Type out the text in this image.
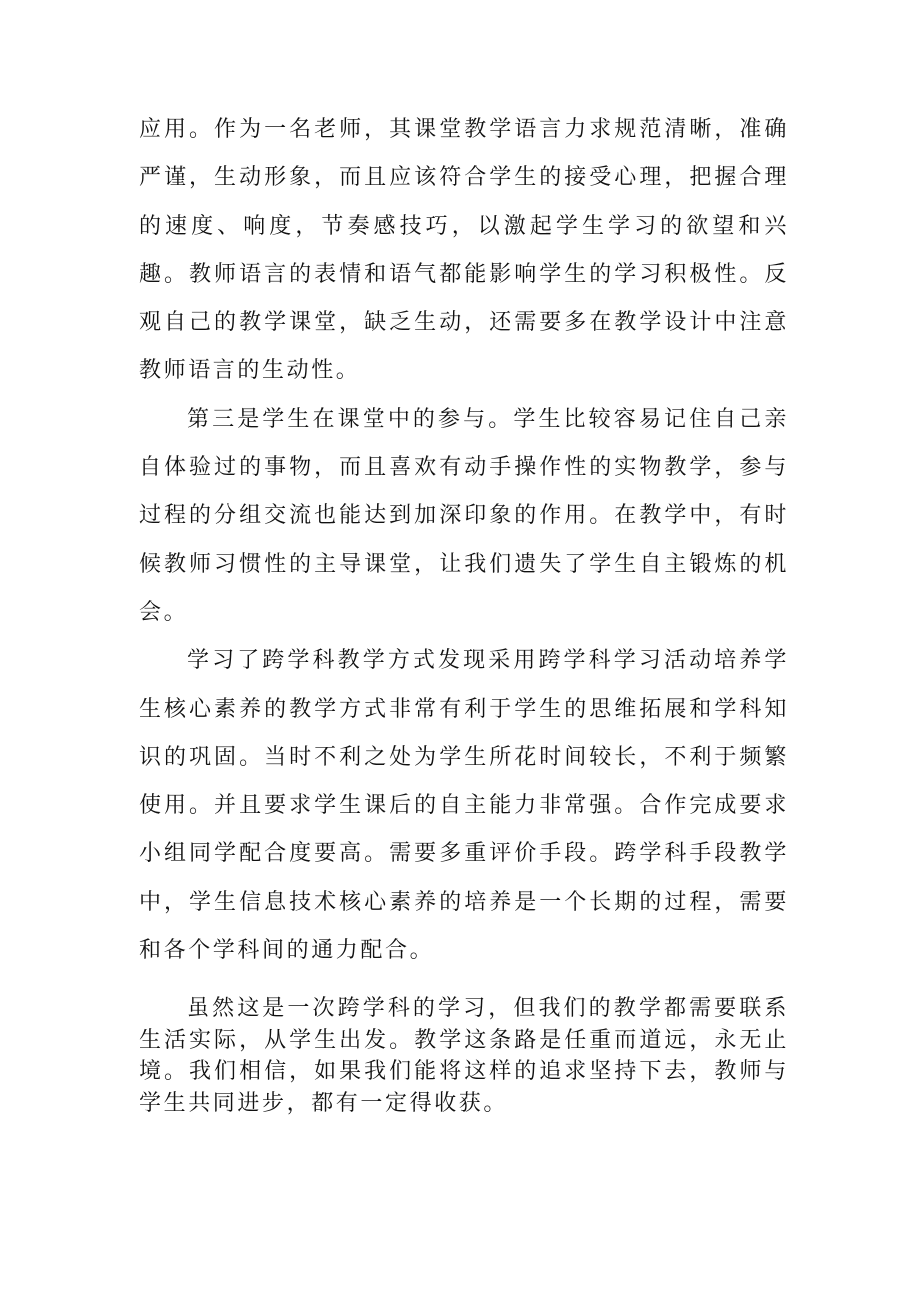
应用。作为一名老师，其课堂教学语言力求规范清晰，准确严谨，生动形象，而且应该符合学生的接受心理，把握合理的速度、响度，节奏感技巧，以激起学生学习的欲望和兴趣。教师语言的表情和语气都能影响学生的学习积极性。反观自己的教学课堂，缺乏生动，还需要多在教学设计中注意教师语言的生动性。

第三是学生在课堂中的参与。学生比较容易记住自己亲自体验过的事物，而且喜欢有动手操作性的实物教学，参与过程的分组交流也能达到加深印象的作用。在教学中，有时候教师习惯性的主导课堂，让我们遗失了学生自主锻炼的机会。

学习了跨学科教学方式发现采用跨学科学习活动培养学生核心素养的教学方式非常有利于学生的思维拓展和学科知识的巩固。当时不利之处为学生所花时间较长，不利于频繁使用。并且要求学生课后的自主能力非常强。合作完成要求小组同学配合度要高。需要多重评价手段。跨学科手段教学中，学生信息技术核心素养的培养是一个长期的过程，需要和各个学科间的通力配合。

虽然这是一次跨学科的学习，但我们的教学都需要联系生活实际，从学生出发。教学这条路是任重而道远，永无止境。我们相信，如果我们能将这样的追求坚持下去，教师与学生共同进步，都有一定得收获。
